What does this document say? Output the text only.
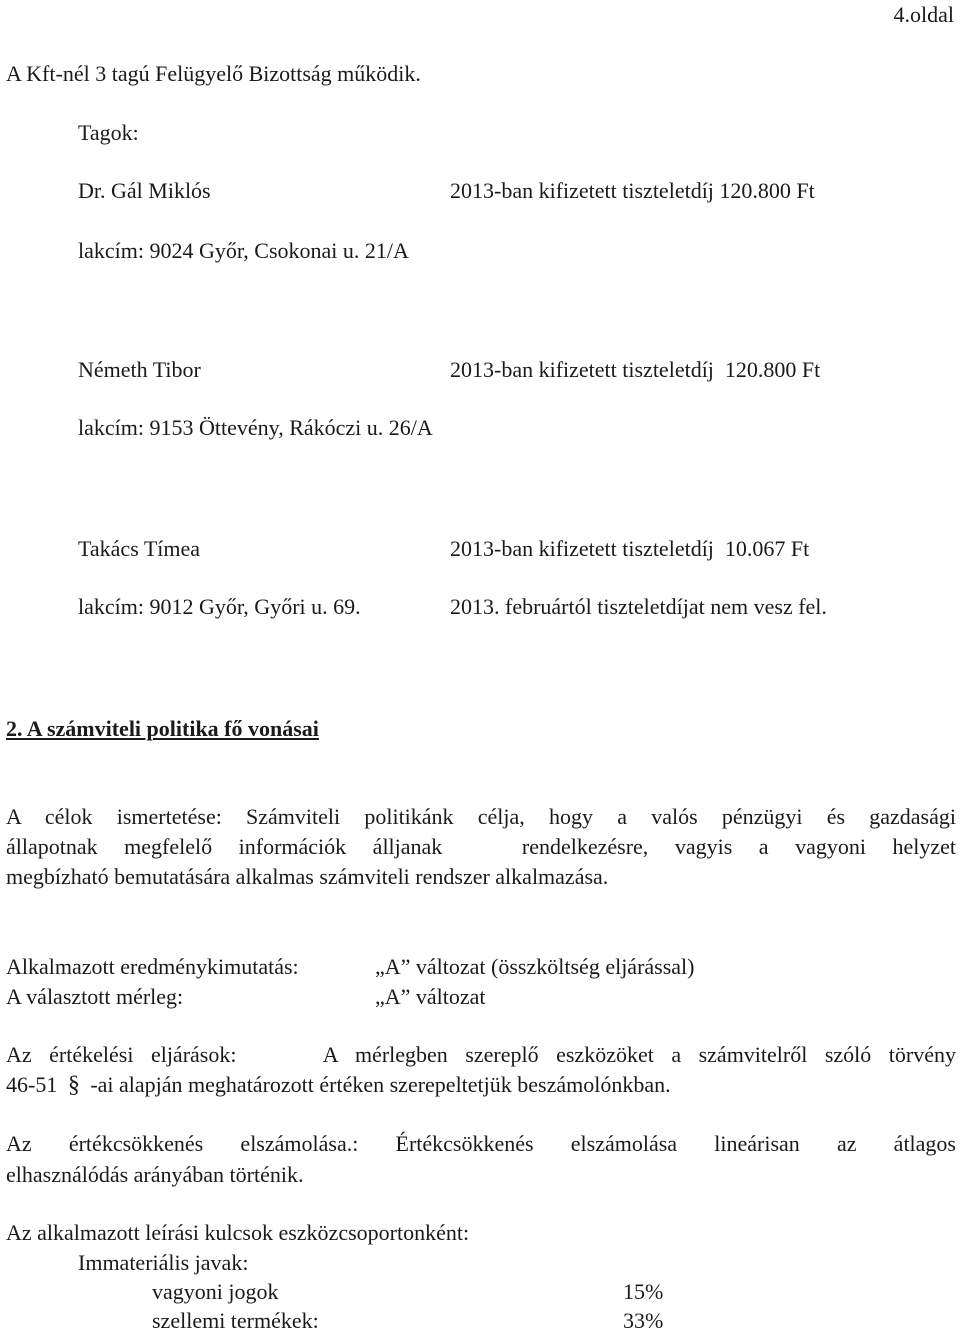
4.oldal
A Kft-nél 3 tagú Felügyelő Bizottság működik.
Tagok:
Dr. Gál Miklós	2013-ban kifizetett tiszteletdíj 120.800 Ft
lakcím: 9024 Győr, Csokonai u. 21/A
Németh Tibor	2013-ban kifizetett tiszteletdíj  120.800 Ft
lakcím: 9153 Öttevény, Rákóczi u. 26/A
Takács Tímea	2013-ban kifizetett tiszteletdíj  10.067 Ft
lakcím: 9012 Győr, Győri u. 69.	2013. februártól tiszteletdíjat nem vesz fel.
2. A számviteli politika fő vonásai
A célok ismertetése: Számviteli politikánk célja, hogy a valós pénzügyi és gazdasági
állapotnak megfelelő információk álljanak   rendelkezésre, vagyis a vagyoni helyzet
megbízható bemutatására alkalmas számviteli rendszer alkalmazása.
Alkalmazott eredménykimutatás:	„A” változat (összköltség eljárással)
A választott mérleg:	„A” változat
Az értékelési eljárások:     A mérlegben szereplő eszközöket a számvitelről szóló törvény
46-51 § -ai alapján meghatározott értéken szerepeltetjük beszámolónkban.
Az értékcsökkenés elszámolása.: Értékcsökkenés elszámolása lineárisan az átlagos
elhasználódás arányában történik.
Az alkalmazott leírási kulcsok eszközcsoportonként:
Immateriális javak:
vagyoni jogok	15%
szellemi termékek:	33%
